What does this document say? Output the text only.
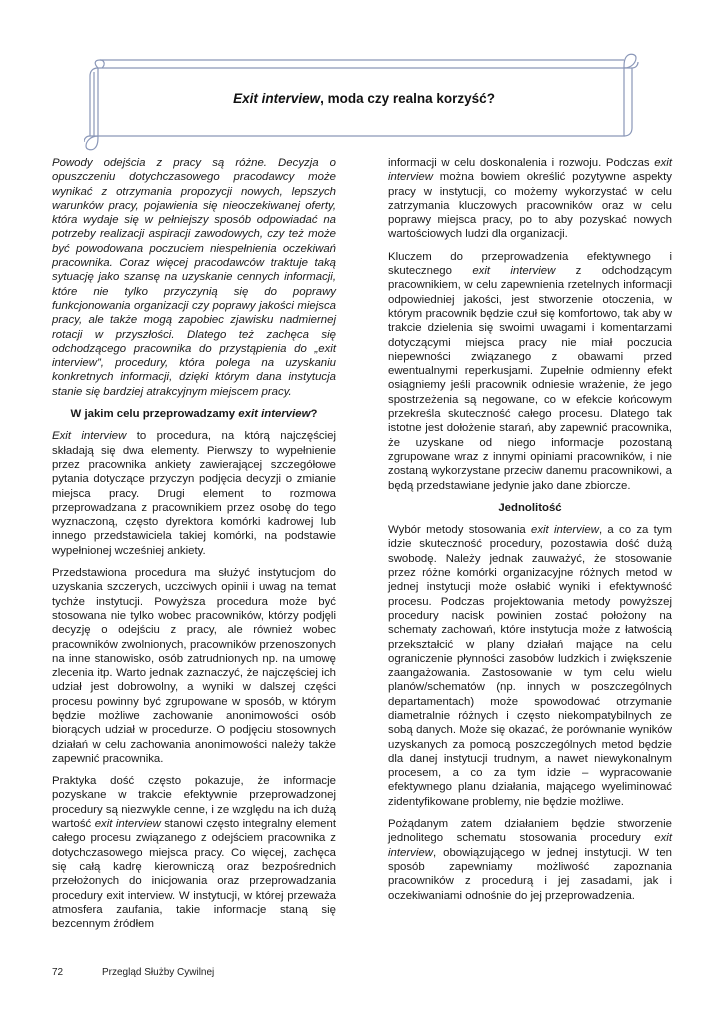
Exit interview, moda czy realna korzyść?

Powody odejścia z pracy są różne. Decyzja o opuszczeniu dotychczasowego pracodawcy może wynikać z otrzymania propozycji nowych, lepszych warunków pracy, pojawienia się nieoczekiwanej oferty, która wydaje się w pełniejszy sposób odpowiadać na potrzeby realizacji aspiracji zawodowych, czy też może być powodowana poczuciem niespełnienia oczekiwań pracownika. Coraz więcej pracodawców traktuje taką sytuację jako szansę na uzyskanie cennych informacji, które nie tylko przyczynią się do poprawy funkcjonowania organizacji czy poprawy jakości miejsca pracy, ale także mogą zapobiec zjawisku nadmiernej rotacji w przyszłości. Dlatego też zachęca się odchodzącego pracownika do przystąpienia do „exit interview”, procedury, która polega na uzyskaniu konkretnych informacji, dzięki którym dana instytucja stanie się bardziej atrakcyjnym miejscem pracy.

W jakim celu przeprowadzamy exit interview?

Exit interview to procedura, na którą najczęściej składają się dwa elementy. Pierwszy to wypełnienie przez pracownika ankiety zawierającej szczegółowe pytania dotyczące przyczyn podjęcia decyzji o zmianie miejsca pracy. Drugi element to rozmowa przeprowadzana z pracownikiem przez osobę do tego wyznaczoną, często dyrektora komórki kadrowej lub innego przedstawiciela takiej komórki, na podstawie wypełnionej wcześniej ankiety.

Przedstawiona procedura ma służyć instytucjom do uzyskania szczerych, uczciwych opinii i uwag na temat tychże instytucji. Powyższa procedura może być stosowana nie tylko wobec pracowników, którzy podjęli decyzję o odejściu z pracy, ale również wobec pracowników zwolnionych, pracowników przenoszonych na inne stanowisko, osób zatrudnionych np. na umowę zlecenia itp. Warto jednak zaznaczyć, że najczęściej ich udział jest dobrowolny, a wyniki w dalszej części procesu powinny być zgrupowane w sposób, w którym będzie możliwe zachowanie anonimowości osób biorących udział w procedurze. O podjęciu stosownych działań w celu zachowania anonimowości należy także zapewnić pracownika.

Praktyka dość często pokazuje, że informacje pozyskane w trakcie efektywnie przeprowadzonej procedury są niezwykle cenne, i ze względu na ich dużą wartość exit interview stanowi często integralny element całego procesu związanego z odejściem pracownika z dotychczasowego miejsca pracy. Co więcej, zachęca się całą kadrę kierowniczą oraz bezpośrednich przełożonych do inicjowania oraz przeprowadzania procedury exit interview. W instytucji, w której przeważa atmosfera zaufania, takie informacje staną się bezcennym źródłem

informacji w celu doskonalenia i rozwoju. Podczas exit interview można bowiem określić pozytywne aspekty pracy w instytucji, co możemy wykorzystać w celu zatrzymania kluczowych pracowników oraz w celu poprawy miejsca pracy, po to aby pozyskać nowych wartościowych ludzi dla organizacji.

Kluczem do przeprowadzenia efektywnego i skutecznego exit interview z odchodzącym pracownikiem, w celu zapewnienia rzetelnych informacji odpowiedniej jakości, jest stworzenie otoczenia, w którym pracownik będzie czuł się komfortowo, tak aby w trakcie dzielenia się swoimi uwagami i komentarzami dotyczącymi miejsca pracy nie miał poczucia niepewności związanego z obawami przed ewentualnymi reperkusjami. Zupełnie odmienny efekt osiągniemy jeśli pracownik odniesie wrażenie, że jego spostrzeżenia są negowane, co w efekcie końcowym przekreśla skuteczność całego procesu. Dlatego tak istotne jest dołożenie starań, aby zapewnić pracownika, że uzyskane od niego informacje pozostaną zgrupowane wraz z innymi opiniami pracowników, i nie zostaną wykorzystane przeciw danemu pracownikowi, a będą przedstawiane jedynie jako dane zbiorcze.

Jednolitość

Wybór metody stosowania exit interview, a co za tym idzie skuteczność procedury, pozostawia dość dużą swobodę. Należy jednak zauważyć, że stosowanie przez różne komórki organizacyjne różnych metod w jednej instytucji może osłabić wyniki i efektywność procesu. Podczas projektowania metody powyższej procedury nacisk powinien zostać położony na schematy zachowań, które instytucja może z łatwością przekształcić w plany działań mające na celu ograniczenie płynności zasobów ludzkich i zwiększenie zaangażowania. Zastosowanie w tym celu wielu planów/schematów (np. innych w poszczególnych departamentach) może spowodować otrzymanie diametralnie różnych i często niekompatybilnych ze sobą danych. Może się okazać, że porównanie wyników uzyskanych za pomocą poszczególnych metod będzie dla danej instytucji trudnym, a nawet niewykonalnym procesem, a co za tym idzie – wypracowanie efektywnego planu działania, mającego wyeliminować zidentyfikowane problemy, nie będzie możliwe.

Pożądanym zatem działaniem będzie stworzenie jednolitego schematu stosowania procedury exit interview, obowiązującego w jednej instytucji. W ten sposób zapewniamy możliwość zapoznania pracowników z procedurą i jej zasadami, jak i oczekiwaniami odnośnie do jej przeprowadzenia.

72	Przegląd Służby Cywilnej
